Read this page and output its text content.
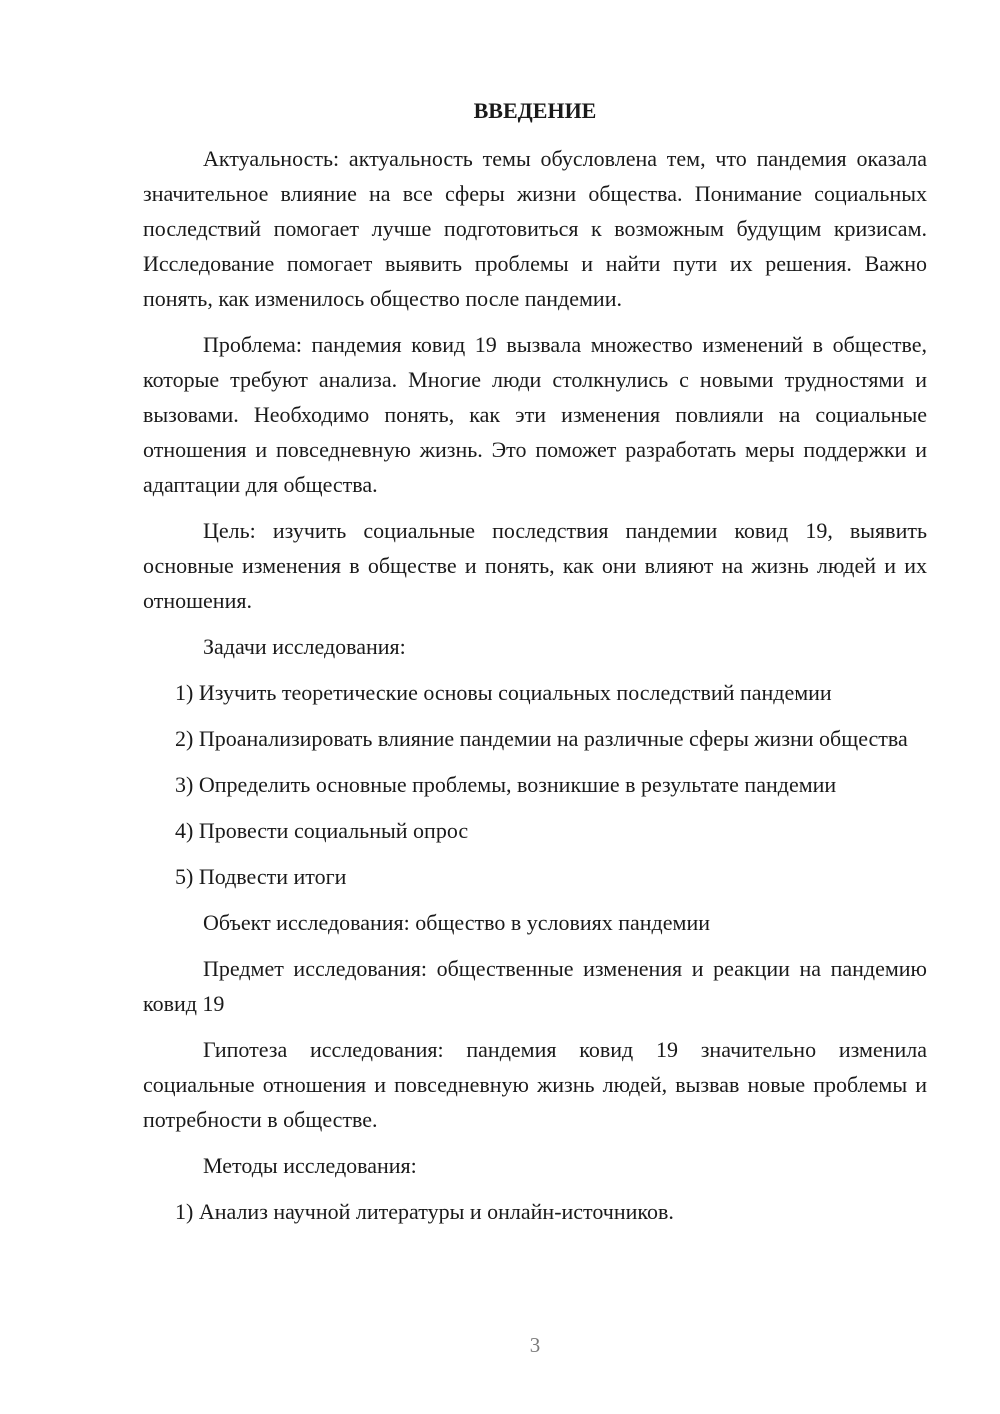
ВВЕДЕНИЕ

Актуальность: актуальность темы обусловлена тем, что пандемия оказала значительное влияние на все сферы жизни общества. Понимание социальных последствий помогает лучше подготовиться к возможным будущим кризисам. Исследование помогает выявить проблемы и найти пути их решения. Важно понять, как изменилось общество после пандемии.

Проблема: пандемия ковид 19 вызвала множество изменений в обществе, которые требуют анализа. Многие люди столкнулись с новыми трудностями и вызовами. Необходимо понять, как эти изменения повлияли на социальные отношения и повседневную жизнь. Это поможет разработать меры поддержки и адаптации для общества.

Цель: изучить социальные последствия пандемии ковид 19, выявить основные изменения в обществе и понять, как они влияют на жизнь людей и их отношения.

Задачи исследования:

1) Изучить теоретические основы социальных последствий пандемии

2) Проанализировать влияние пандемии на различные сферы жизни общества

3) Определить основные проблемы, возникшие в результате пандемии

4) Провести социальный опрос

5) Подвести итоги

Объект исследования: общество в условиях пандемии

Предмет исследования: общественные изменения и реакции на пандемию ковид 19

Гипотеза исследования: пандемия ковид 19 значительно изменила социальные отношения и повседневную жизнь людей, вызвав новые проблемы и потребности в обществе.

Методы исследования:

1) Анализ научной литературы и онлайн-источников.

3
